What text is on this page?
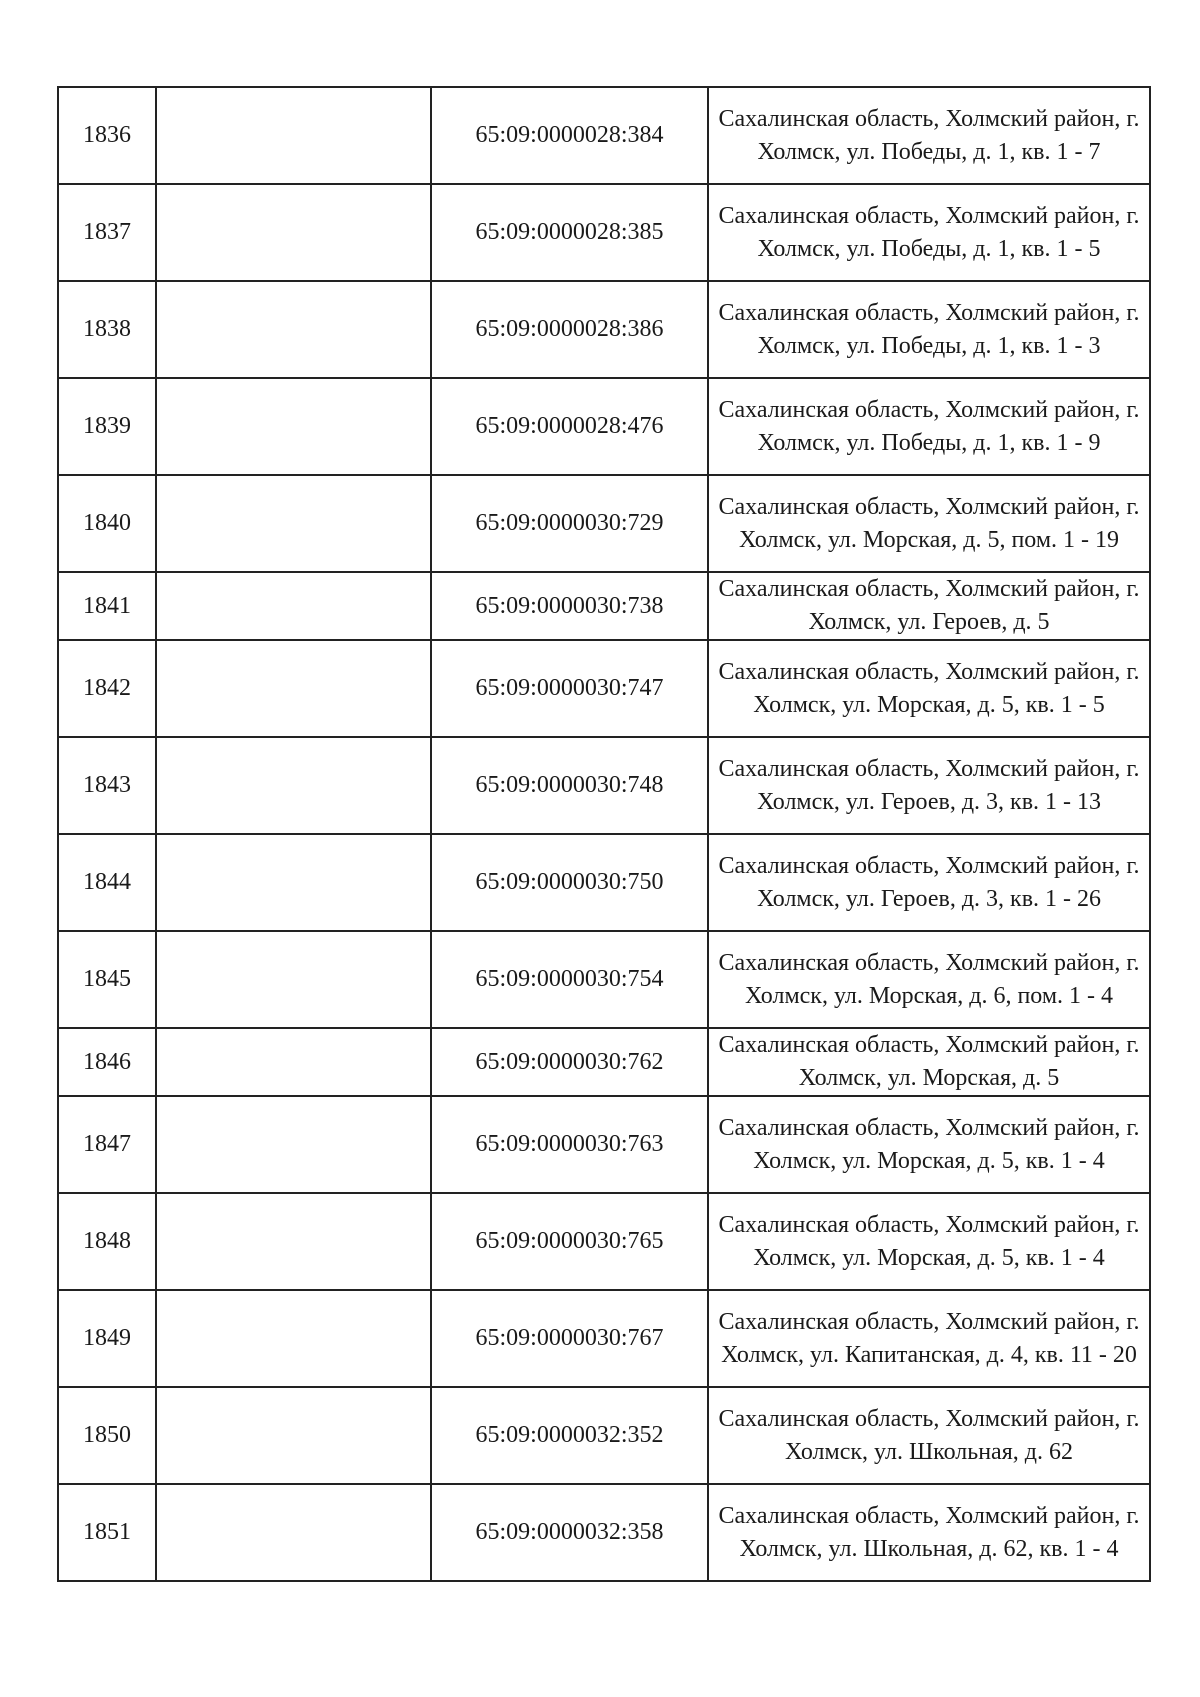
1836		65:09:0000028:384	Сахалинская область, Холмский район, г. Холмск, ул. Победы, д. 1, кв. 1 - 7
1837		65:09:0000028:385	Сахалинская область, Холмский район, г. Холмск, ул. Победы, д. 1, кв. 1 - 5
1838		65:09:0000028:386	Сахалинская область, Холмский район, г. Холмск, ул. Победы, д. 1, кв. 1 - 3
1839		65:09:0000028:476	Сахалинская область, Холмский район, г. Холмск, ул. Победы, д. 1, кв. 1 - 9
1840		65:09:0000030:729	Сахалинская область, Холмский район, г. Холмск, ул. Морская, д. 5, пом. 1 - 19
1841		65:09:0000030:738	Сахалинская область, Холмский район, г. Холмск, ул. Героев, д. 5
1842		65:09:0000030:747	Сахалинская область, Холмский район, г. Холмск, ул. Морская, д. 5, кв. 1 - 5
1843		65:09:0000030:748	Сахалинская область, Холмский район, г. Холмск, ул. Героев, д. 3, кв. 1 - 13
1844		65:09:0000030:750	Сахалинская область, Холмский район, г. Холмск, ул. Героев, д. 3, кв. 1 - 26
1845		65:09:0000030:754	Сахалинская область, Холмский район, г. Холмск, ул. Морская, д. 6, пом. 1 - 4
1846		65:09:0000030:762	Сахалинская область, Холмский район, г. Холмск, ул. Морская, д. 5
1847		65:09:0000030:763	Сахалинская область, Холмский район, г. Холмск, ул. Морская, д. 5, кв. 1 - 4
1848		65:09:0000030:765	Сахалинская область, Холмский район, г. Холмск, ул. Морская, д. 5, кв. 1 - 4
1849		65:09:0000030:767	Сахалинская область, Холмский район, г. Холмск, ул. Капитанская, д. 4, кв. 11 - 20
1850		65:09:0000032:352	Сахалинская область, Холмский район, г. Холмск, ул. Школьная, д. 62
1851		65:09:0000032:358	Сахалинская область, Холмский район, г. Холмск, ул. Школьная, д. 62, кв. 1 - 4
